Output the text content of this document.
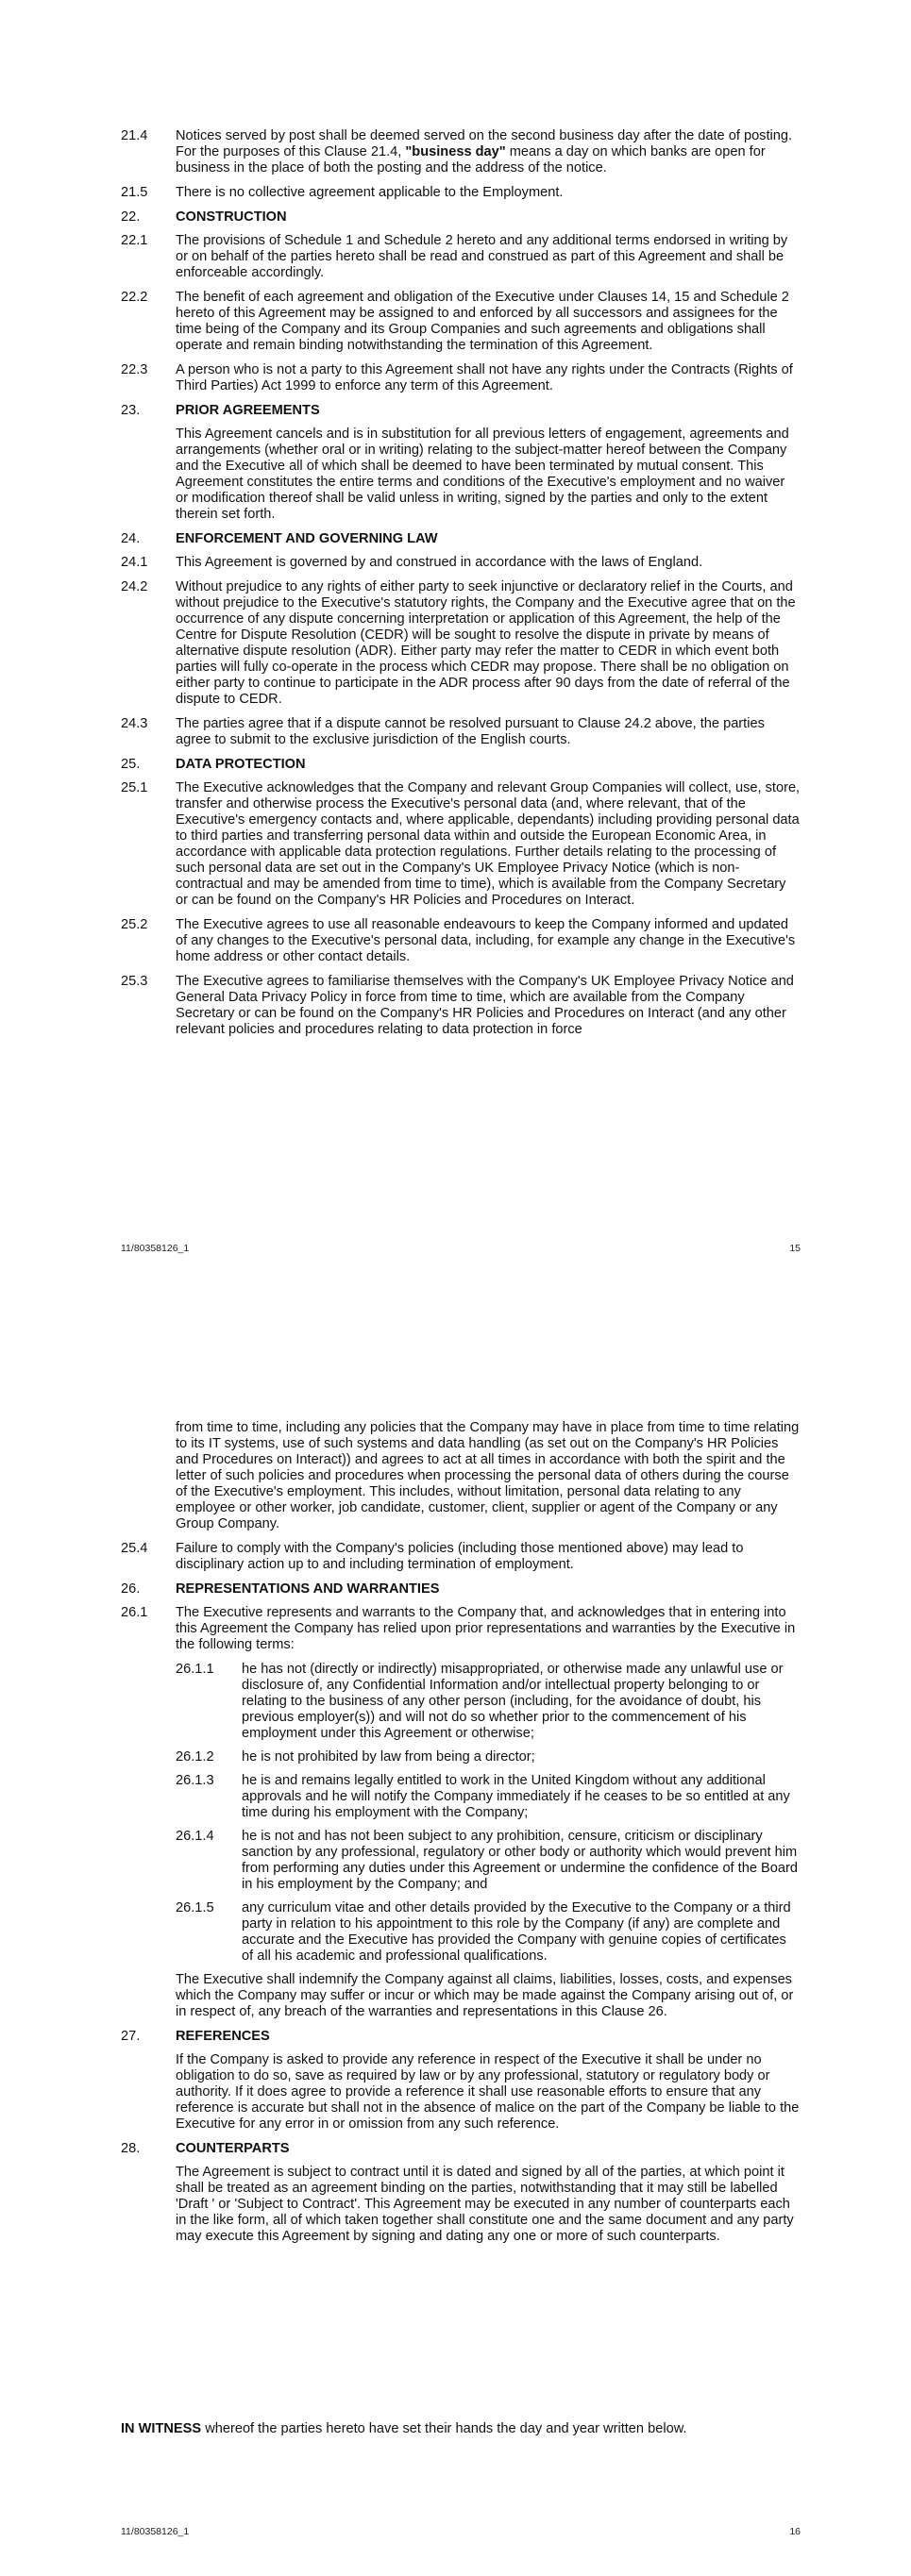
21.4	Notices served by post shall be deemed served on the second business day after the date of posting. For the purposes of this Clause 21.4, "business day" means a day on which banks are open for business in the place of both the posting and the address of the notice.
21.5	There is no collective agreement applicable to the Employment.
22.	CONSTRUCTION
22.1	The provisions of Schedule 1 and Schedule 2 hereto and any additional terms endorsed in writing by or on behalf of the parties hereto shall be read and construed as part of this Agreement and shall be enforceable accordingly.
22.2	The benefit of each agreement and obligation of the Executive under Clauses 14, 15 and Schedule 2 hereto of this Agreement may be assigned to and enforced by all successors and assignees for the time being of the Company and its Group Companies and such agreements and obligations shall operate and remain binding notwithstanding the termination of this Agreement.
22.3	A person who is not a party to this Agreement shall not have any rights under the Contracts (Rights of Third Parties) Act 1999 to enforce any term of this Agreement.
23.	PRIOR AGREEMENTS
This Agreement cancels and is in substitution for all previous letters of engagement, agreements and arrangements (whether oral or in writing) relating to the subject-matter hereof between the Company and the Executive all of which shall be deemed to have been terminated by mutual consent. This Agreement constitutes the entire terms and conditions of the Executive's employment and no waiver or modification thereof shall be valid unless in writing, signed by the parties and only to the extent therein set forth.
24.	ENFORCEMENT AND GOVERNING LAW
24.1	This Agreement is governed by and construed in accordance with the laws of England.
24.2	Without prejudice to any rights of either party to seek injunctive or declaratory relief in the Courts, and without prejudice to the Executive's statutory rights, the Company and the Executive agree that on the occurrence of any dispute concerning interpretation or application of this Agreement, the help of the Centre for Dispute Resolution (CEDR) will be sought to resolve the dispute in private by means of alternative dispute resolution (ADR). Either party may refer the matter to CEDR in which event both parties will fully co-operate in the process which CEDR may propose. There shall be no obligation on either party to continue to participate in the ADR process after 90 days from the date of referral of the dispute to CEDR.
24.3	The parties agree that if a dispute cannot be resolved pursuant to Clause 24.2 above, the parties agree to submit to the exclusive jurisdiction of the English courts.
25.	DATA PROTECTION
25.1	The Executive acknowledges that the Company and relevant Group Companies will collect, use, store, transfer and otherwise process the Executive's personal data (and, where relevant, that of the Executive's emergency contacts and, where applicable, dependants) including providing personal data to third parties and transferring personal data within and outside the European Economic Area, in accordance with applicable data protection regulations. Further details relating to the processing of such personal data are set out in the Company's UK Employee Privacy Notice (which is non-contractual and may be amended from time to time), which is available from the Company Secretary or can be found on the Company's HR Policies and Procedures on Interact.
25.2	The Executive agrees to use all reasonable endeavours to keep the Company informed and updated of any changes to the Executive's personal data, including, for example any change in the Executive's home address or other contact details.
25.3	The Executive agrees to familiarise themselves with the Company's UK Employee Privacy Notice and General Data Privacy Policy in force from time to time, which are available from the Company Secretary or can be found on the Company's HR Policies and Procedures on Interact (and any other relevant policies and procedures relating to data protection in force
11/80358126_1	15
from time to time, including any policies that the Company may have in place from time to time relating to its IT systems, use of such systems and data handling (as set out on the Company's HR Policies and Procedures on Interact)) and agrees to act at all times in accordance with both the spirit and the letter of such policies and procedures when processing the personal data of others during the course of the Executive's employment. This includes, without limitation, personal data relating to any employee or other worker, job candidate, customer, client, supplier or agent of the Company or any Group Company.
25.4	Failure to comply with the Company's policies (including those mentioned above) may lead to disciplinary action up to and including termination of employment.
26.	REPRESENTATIONS AND WARRANTIES
26.1	The Executive represents and warrants to the Company that, and acknowledges that in entering into this Agreement the Company has relied upon prior representations and warranties by the Executive in the following terms:
26.1.1	he has not (directly or indirectly) misappropriated, or otherwise made any unlawful use or disclosure of, any Confidential Information and/or intellectual property belonging to or relating to the business of any other person (including, for the avoidance of doubt, his previous employer(s)) and will not do so whether prior to the commencement of his employment under this Agreement or otherwise;
26.1.2	he is not prohibited by law from being a director;
26.1.3	he is and remains legally entitled to work in the United Kingdom without any additional approvals and he will notify the Company immediately if he ceases to be so entitled at any time during his employment with the Company;
26.1.4	he is not and has not been subject to any prohibition, censure, criticism or disciplinary sanction by any professional, regulatory or other body or authority which would prevent him from performing any duties under this Agreement or undermine the confidence of the Board in his employment by the Company; and
26.1.5	any curriculum vitae and other details provided by the Executive to the Company or a third party in relation to his appointment to this role by the Company (if any) are complete and accurate and the Executive has provided the Company with genuine copies of certificates of all his academic and professional qualifications.
The Executive shall indemnify the Company against all claims, liabilities, losses, costs, and expenses which the Company may suffer or incur or which may be made against the Company arising out of, or in respect of, any breach of the warranties and representations in this Clause 26.
27.	REFERENCES
If the Company is asked to provide any reference in respect of the Executive it shall be under no obligation to do so, save as required by law or by any professional, statutory or regulatory body or authority. If it does agree to provide a reference it shall use reasonable efforts to ensure that any reference is accurate but shall not in the absence of malice on the part of the Company be liable to the Executive for any error in or omission from any such reference.
28.	COUNTERPARTS
The Agreement is subject to contract until it is dated and signed by all of the parties, at which point it shall be treated as an agreement binding on the parties, notwithstanding that it may still be labelled 'Draft ' or 'Subject to Contract'. This Agreement may be executed in any number of counterparts each in the like form, all of which taken together shall constitute one and the same document and any party may execute this Agreement by signing and dating any one or more of such counterparts.
IN WITNESS whereof the parties hereto have set their hands the day and year written below.
11/80358126_1	16
